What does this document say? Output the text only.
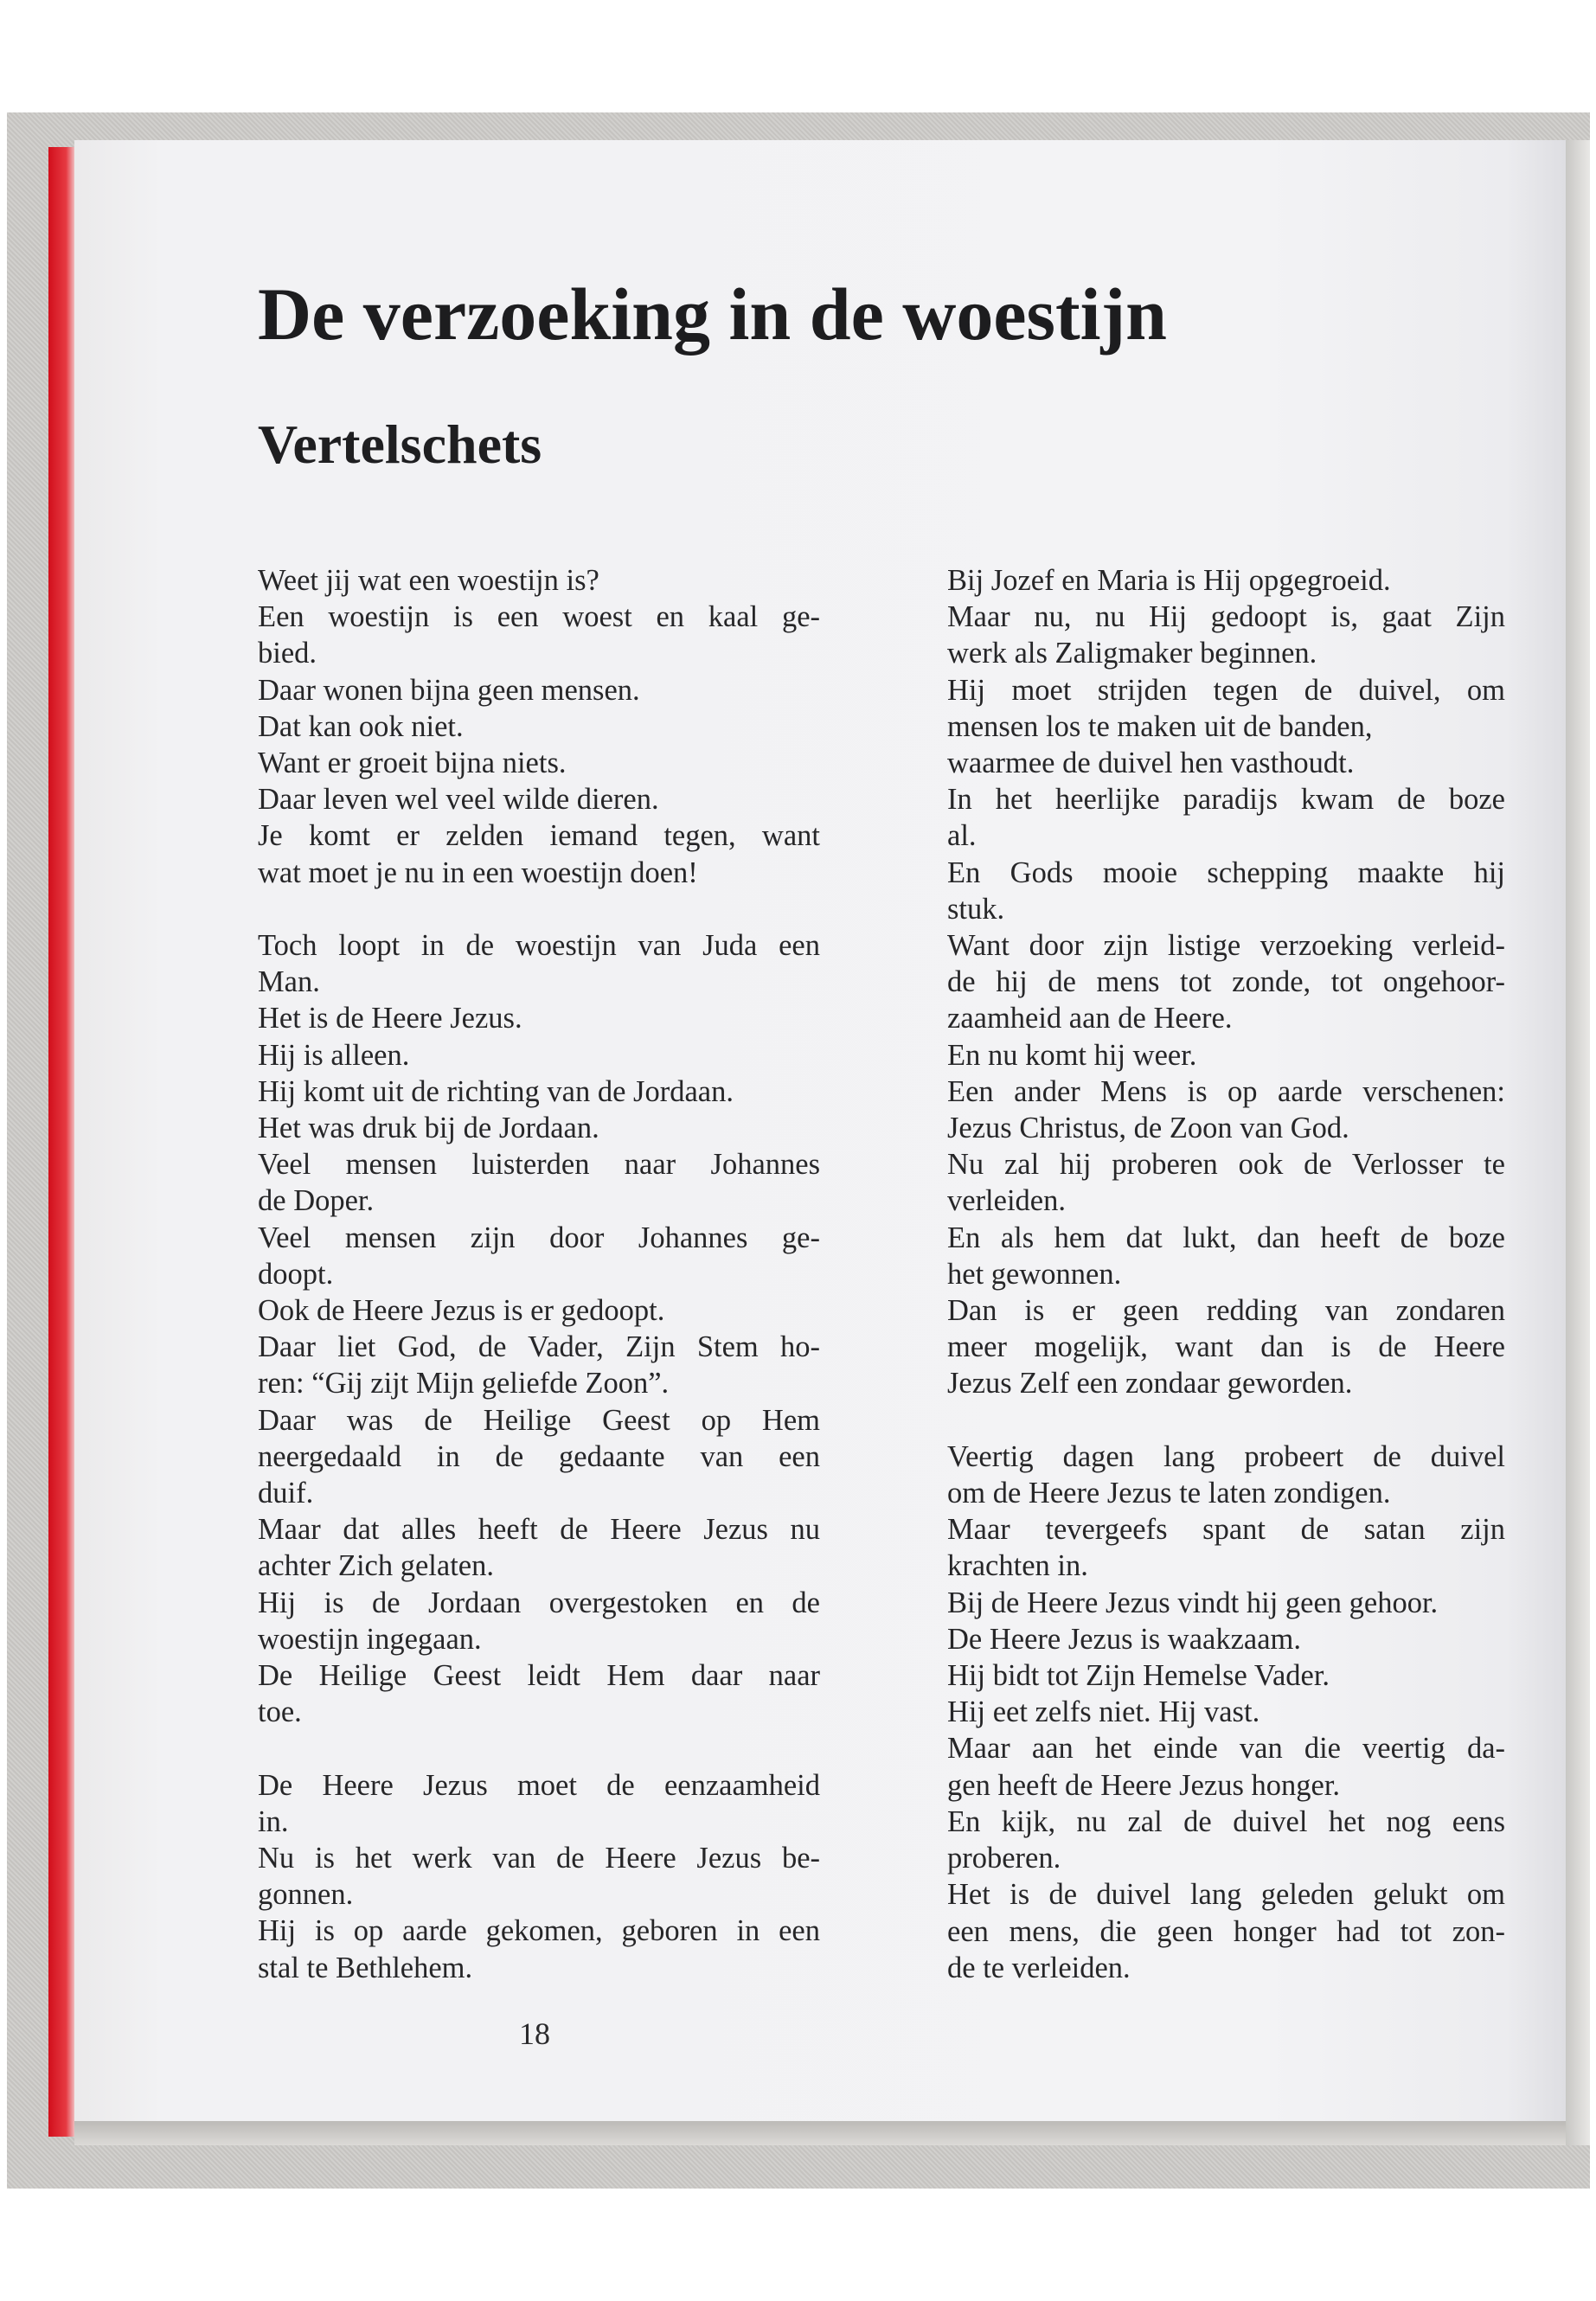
De verzoeking in de woestijn
Vertelschets
Weet jij wat een woestijn is?
Een woestijn is een woest en kaal ge-
bied.
Daar wonen bijna geen mensen.
Dat kan ook niet.
Want er groeit bijna niets.
Daar leven wel veel wilde dieren.
Je komt er zelden iemand tegen, want
wat moet je nu in een woestijn doen!
Toch loopt in de woestijn van Juda een
Man.
Het is de Heere Jezus.
Hij is alleen.
Hij komt uit de richting van de Jordaan.
Het was druk bij de Jordaan.
Veel mensen luisterden naar Johannes
de Doper.
Veel mensen zijn door Johannes ge-
doopt.
Ook de Heere Jezus is er gedoopt.
Daar liet God, de Vader, Zijn Stem ho-
ren: “Gij zijt Mijn geliefde Zoon”.
Daar was de Heilige Geest op Hem
neergedaald in de gedaante van een
duif.
Maar dat alles heeft de Heere Jezus nu
achter Zich gelaten.
Hij is de Jordaan overgestoken en de
woestijn ingegaan.
De Heilige Geest leidt Hem daar naar
toe.
De Heere Jezus moet de eenzaamheid
in.
Nu is het werk van de Heere Jezus be-
gonnen.
Hij is op aarde gekomen, geboren in een
stal te Bethlehem.
Bij Jozef en Maria is Hij opgegroeid.
Maar nu, nu Hij gedoopt is, gaat Zijn
werk als Zaligmaker beginnen.
Hij moet strijden tegen de duivel, om
mensen los te maken uit de banden,
waarmee de duivel hen vasthoudt.
In het heerlijke paradijs kwam de boze
al.
En Gods mooie schepping maakte hij
stuk.
Want door zijn listige verzoeking verleid-
de hij de mens tot zonde, tot ongehoor-
zaamheid aan de Heere.
En nu komt hij weer.
Een ander Mens is op aarde verschenen:
Jezus Christus, de Zoon van God.
Nu zal hij proberen ook de Verlosser te
verleiden.
En als hem dat lukt, dan heeft de boze
het gewonnen.
Dan is er geen redding van zondaren
meer mogelijk, want dan is de Heere
Jezus Zelf een zondaar geworden.
Veertig dagen lang probeert de duivel
om de Heere Jezus te laten zondigen.
Maar tevergeefs spant de satan zijn
krachten in.
Bij de Heere Jezus vindt hij geen gehoor.
De Heere Jezus is waakzaam.
Hij bidt tot Zijn Hemelse Vader.
Hij eet zelfs niet. Hij vast.
Maar aan het einde van die veertig da-
gen heeft de Heere Jezus honger.
En kijk, nu zal de duivel het nog eens
proberen.
Het is de duivel lang geleden gelukt om
een mens, die geen honger had tot zon-
de te verleiden.
18
